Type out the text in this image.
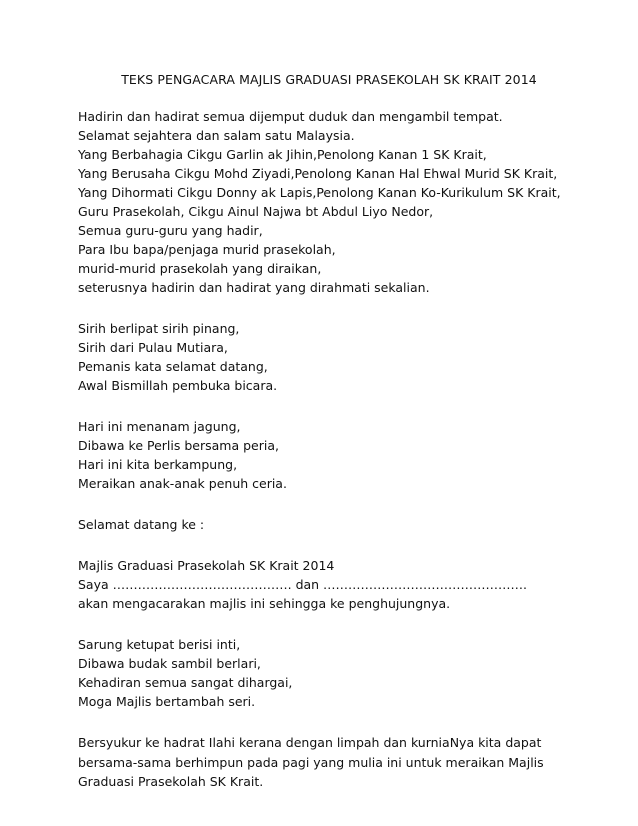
TEKS PENGACARA MAJLIS GRADUASI PRASEKOLAH SK KRAIT 2014
Hadirin dan hadirat semua dijemput duduk dan mengambil tempat.
Selamat sejahtera dan salam satu Malaysia.
Yang Berbahagia Cikgu Garlin ak Jihin,Penolong Kanan 1 SK Krait,
Yang Berusaha Cikgu Mohd Ziyadi,Penolong Kanan Hal Ehwal Murid SK Krait,
Yang Dihormati Cikgu Donny ak Lapis,Penolong Kanan Ko-Kurikulum SK Krait,
Guru Prasekolah, Cikgu Ainul Najwa bt Abdul Liyo Nedor,
Semua guru-guru yang hadir,
Para Ibu bapa/penjaga murid prasekolah,
murid-murid prasekolah yang diraikan,
seterusnya hadirin dan hadirat yang dirahmati sekalian.
Sirih berlipat sirih pinang,
Sirih dari Pulau Mutiara,
Pemanis kata selamat datang,
Awal Bismillah pembuka bicara.
Hari ini menanam jagung,
Dibawa ke Perlis bersama peria,
Hari ini kita berkampung,
Meraikan anak-anak penuh ceria.
Selamat datang ke :
Majlis Graduasi Prasekolah SK Krait 2014
Saya ……………………………………. dan ………………………………………….
akan mengacarakan majlis ini sehingga ke penghujungnya.
Sarung ketupat berisi inti,
Dibawa budak sambil berlari,
Kehadiran semua sangat dihargai,
Moga Majlis bertambah seri.
Bersyukur ke hadrat Ilahi kerana dengan limpah dan kurniaNya kita dapat bersama-sama berhimpun pada pagi yang mulia ini untuk meraikan Majlis Graduasi Prasekolah SK Krait.
